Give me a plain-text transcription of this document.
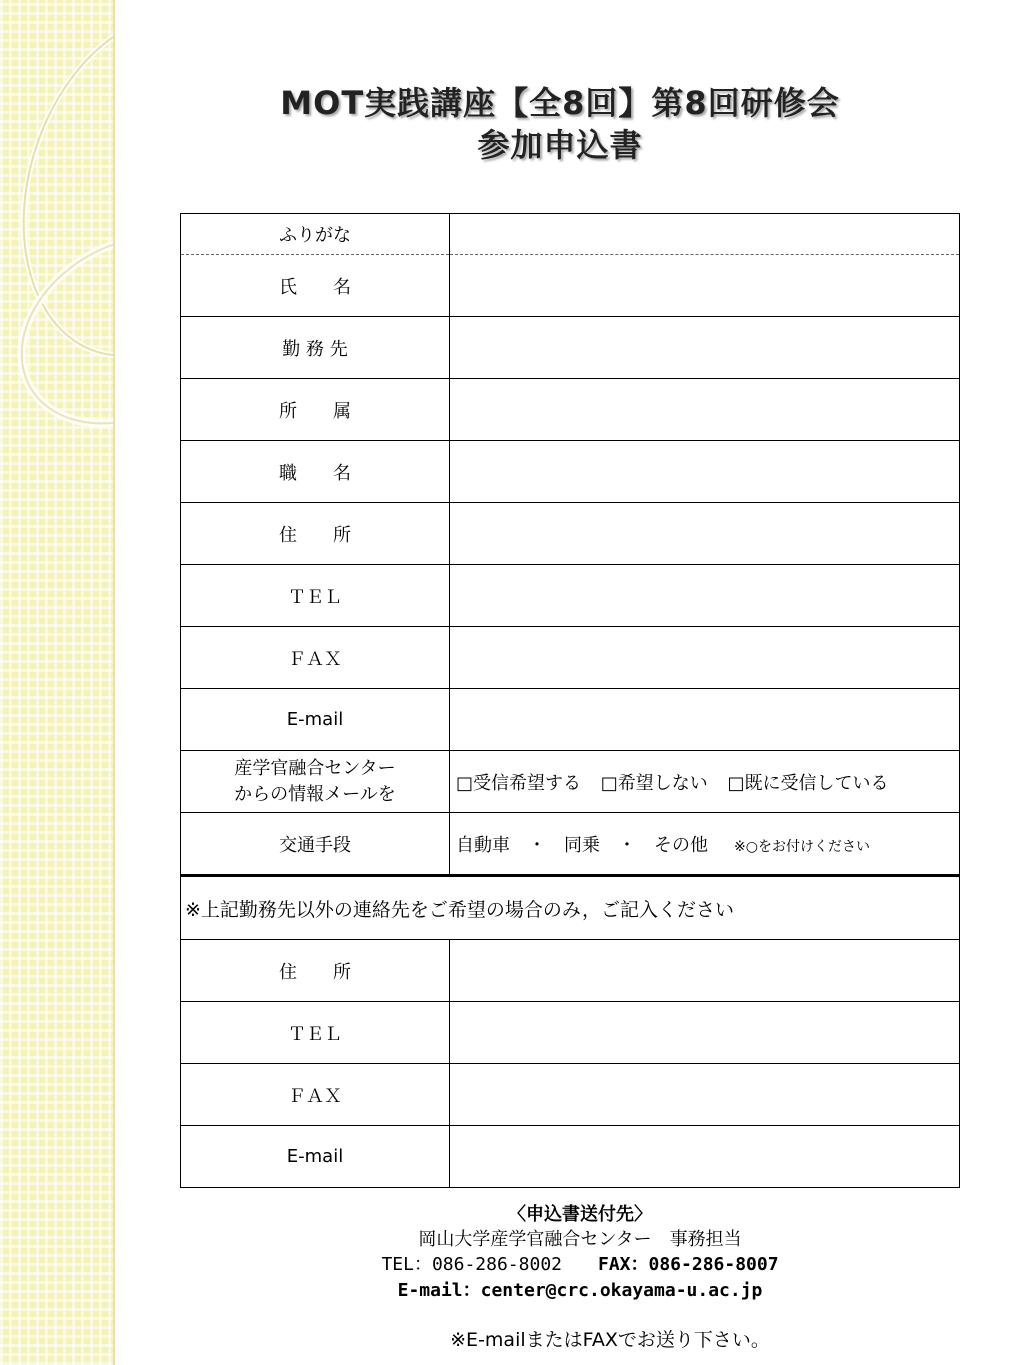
MOT実践講座【全8回】第8回研修会
参加申込書
ふりがな	
氏　　名	
勤 務 先	
所　　属	
職　　名	
住　　所	
ＴＥＬ	
ＦＡＸ	
E-mail	

産学官融合センター
からの情報メールを	□受信希望する □希望しない □既に受信している
交通手段	自動車 ・ 同乗 ・ その他 ※○をお付けください
※上記勤務先以外の連絡先をご希望の場合のみ，ご記入ください	
住　　所	
ＴＥＬ	
ＦＡＸ	
E-mail	
〈申込書送付先〉
岡山大学産学官融合センター　事務担当
TEL：086-286-8002 FAX：086-286-8007
E-mail：center@crc.okayama-u.ac.jp
※E-mailまたはFAXでお送り下さい。
